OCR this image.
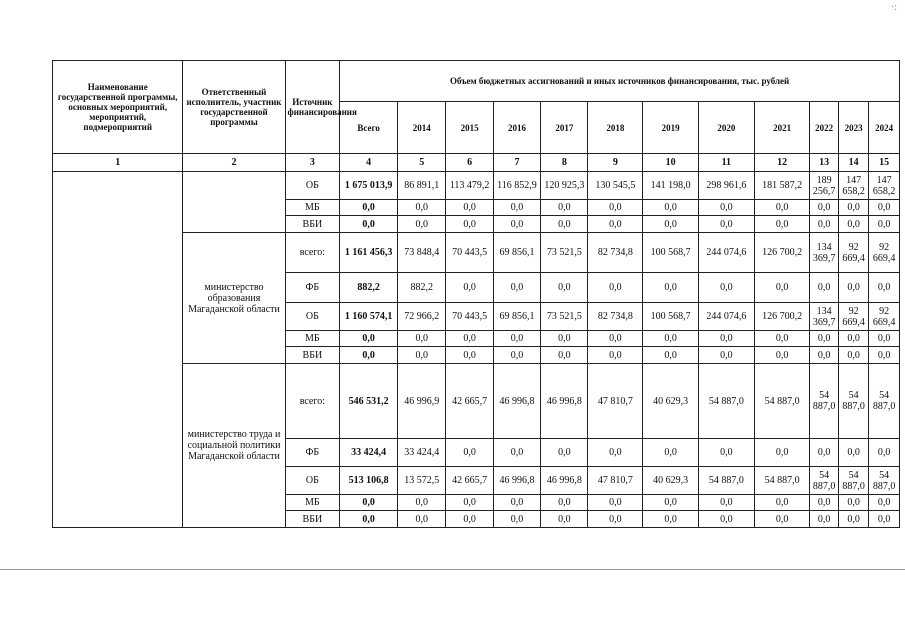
·:
Наименование государственной программы, основных мероприятий, мероприятий, подмероприятий	Ответственный исполнитель, участник государственной программы	Источник финансирования	Объем бюджетных ассигнований и иных источников финансирования, тыс. рублей											
			Всего	2014	2015	2016	2017	2018	2019	2020	2021	2022	2023	2024
1	2	3	4	5	6	7	8	9	10	11	12	13	14	15
		ОБ	1 675 013,9	86 891,1	113 479,2	116 852,9	120 925,3	130 545,5	141 198,0	298 961,6	181 587,2	189 256,7	147 658,2	147 658,2
		МБ	0,0	0,0	0,0	0,0	0,0	0,0	0,0	0,0	0,0	0,0	0,0	0,0
		ВБИ	0,0	0,0	0,0	0,0	0,0	0,0	0,0	0,0	0,0	0,0	0,0	0,0
	министерство образования Магаданской области	всего:	1 161 456,3	73 848,4	70 443,5	69 856,1	73 521,5	82 734,8	100 568,7	244 074,6	126 700,2	134 369,7	92 669,4	92 669,4
		ФБ	882,2	882,2	0,0	0,0	0,0	0,0	0,0	0,0	0,0	0,0	0,0	0,0
		ОБ	1 160 574,1	72 966,2	70 443,5	69 856,1	73 521,5	82 734,8	100 568,7	244 074,6	126 700,2	134 369,7	92 669,4	92 669,4
		МБ	0,0	0,0	0,0	0,0	0,0	0,0	0,0	0,0	0,0	0,0	0,0	0,0
		ВБИ	0,0	0,0	0,0	0,0	0,0	0,0	0,0	0,0	0,0	0,0	0,0	0,0
	министерство труда и социальной политики Магаданской области	всего:	546 531,2	46 996,9	42 665,7	46 996,8	46 996,8	47 810,7	40 629,3	54 887,0	54 887,0	54 887,0	54 887,0	54 887,0
		ФБ	33 424,4	33 424,4	0,0	0,0	0,0	0,0	0,0	0,0	0,0	0,0	0,0	0,0
		ОБ	513 106,8	13 572,5	42 665,7	46 996,8	46 996,8	47 810,7	40 629,3	54 887,0	54 887,0	54 887,0	54 887,0	54 887,0
		МБ	0,0	0,0	0,0	0,0	0,0	0,0	0,0	0,0	0,0	0,0	0,0	0,0
		ВБИ	0,0	0,0	0,0	0,0	0,0	0,0	0,0	0,0	0,0	0,0	0,0	0,0
